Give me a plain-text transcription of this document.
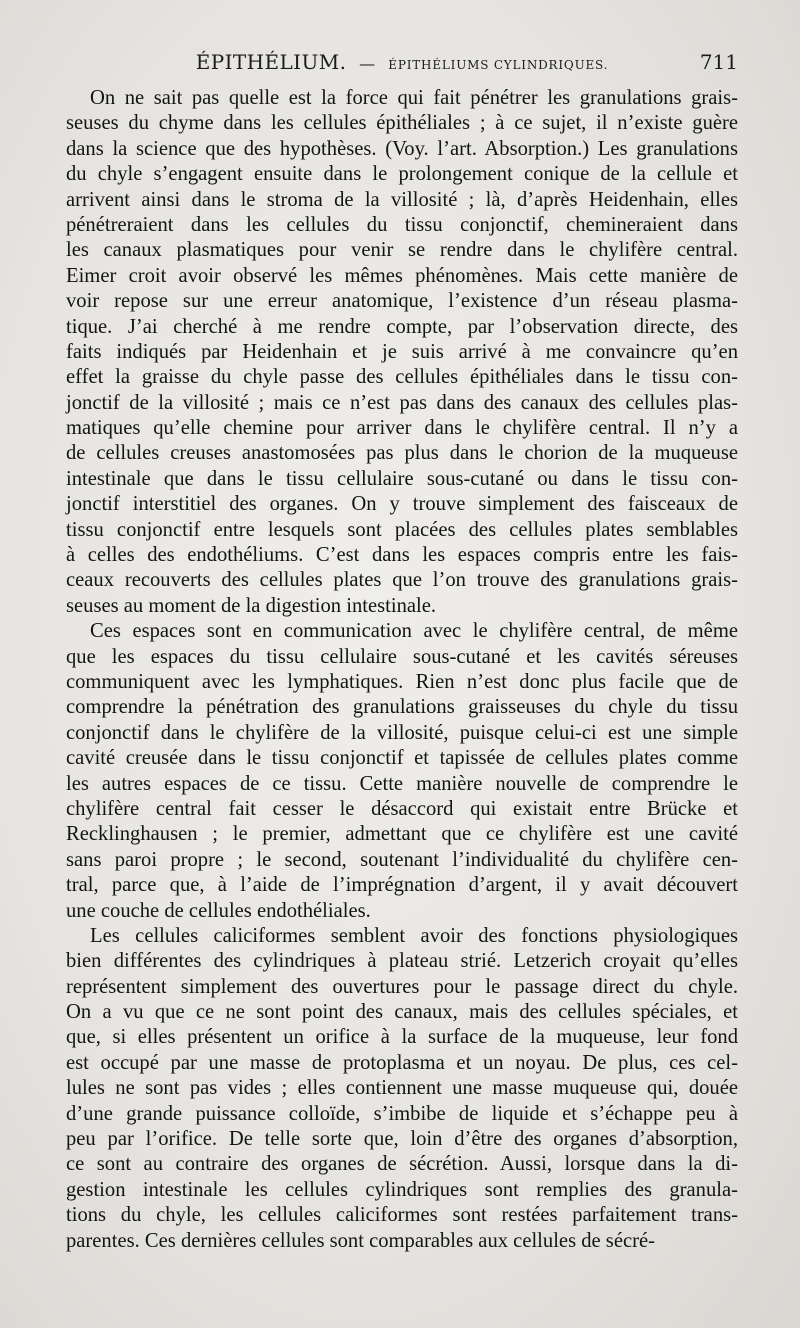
ÉPITHÉLIUM. — ÉPITHÉLIUMS CYLINDRIQUES.	711
On ne sait pas quelle est la force qui fait pénétrer les granulations grais-
seuses du chyme dans les cellules épithéliales ; à ce sujet, il n’existe guère
dans la science que des hypothèses. (Voy. l’art. Absorption.) Les granulations
du chyle s’engagent ensuite dans le prolongement conique de la cellule et
arrivent ainsi dans le stroma de la villosité ; là, d’après Heidenhain, elles
pénétreraient dans les cellules du tissu conjonctif, chemineraient dans
les canaux plasmatiques pour venir se rendre dans le chylifère central.
Eimer croit avoir observé les mêmes phénomènes. Mais cette manière de
voir repose sur une erreur anatomique, l’existence d’un réseau plasma-
tique. J’ai cherché à me rendre compte, par l’observation directe, des
faits indiqués par Heidenhain et je suis arrivé à me convaincre qu’en
effet la graisse du chyle passe des cellules épithéliales dans le tissu con-
jonctif de la villosité ; mais ce n’est pas dans des canaux des cellules plas-
matiques qu’elle chemine pour arriver dans le chylifère central. Il n’y a
de cellules creuses anastomosées pas plus dans le chorion de la muqueuse
intestinale que dans le tissu cellulaire sous-cutané ou dans le tissu con-
jonctif interstitiel des organes. On y trouve simplement des faisceaux de
tissu conjonctif entre lesquels sont placées des cellules plates semblables
à celles des endothéliums. C’est dans les espaces compris entre les fais-
ceaux recouverts des cellules plates que l’on trouve des granulations grais-
seuses au moment de la digestion intestinale.
Ces espaces sont en communication avec le chylifère central, de même
que les espaces du tissu cellulaire sous-cutané et les cavités séreuses
communiquent avec les lymphatiques. Rien n’est donc plus facile que de
comprendre la pénétration des granulations graisseuses du chyle du tissu
conjonctif dans le chylifère de la villosité, puisque celui-ci est une simple
cavité creusée dans le tissu conjonctif et tapissée de cellules plates comme
les autres espaces de ce tissu. Cette manière nouvelle de comprendre le
chylifère central fait cesser le désaccord qui existait entre Brücke et
Recklinghausen ; le premier, admettant que ce chylifère est une cavité
sans paroi propre ; le second, soutenant l’individualité du chylifère cen-
tral, parce que, à l’aide de l’imprégnation d’argent, il y avait découvert
une couche de cellules endothéliales.
Les cellules caliciformes semblent avoir des fonctions physiologiques
bien différentes des cylindriques à plateau strié. Letzerich croyait qu’elles
représentent simplement des ouvertures pour le passage direct du chyle.
On a vu que ce ne sont point des canaux, mais des cellules spéciales, et
que, si elles présentent un orifice à la surface de la muqueuse, leur fond
est occupé par une masse de protoplasma et un noyau. De plus, ces cel-
lules ne sont pas vides ; elles contiennent une masse muqueuse qui, douée
d’une grande puissance colloïde, s’imbibe de liquide et s’échappe peu à
peu par l’orifice. De telle sorte que, loin d’être des organes d’absorption,
ce sont au contraire des organes de sécrétion. Aussi, lorsque dans la di-
gestion intestinale les cellules cylindriques sont remplies des granula-
tions du chyle, les cellules caliciformes sont restées parfaitement trans-
parentes. Ces dernières cellules sont comparables aux cellules de sécré-
